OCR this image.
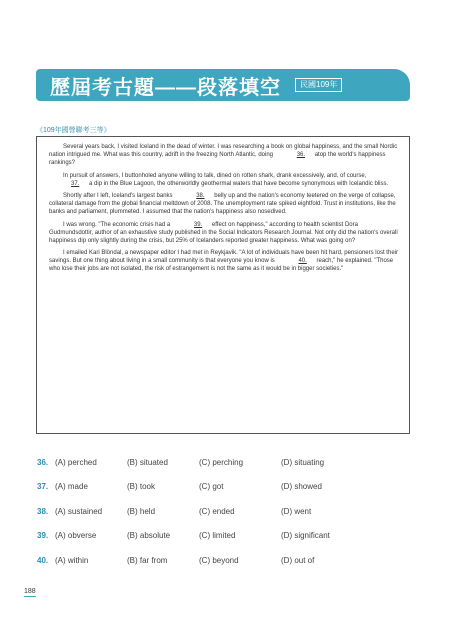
歷屆考古題——段落填空	民國109年
《109年國營聯考三等》

Several years back, I visited Iceland in the dead of winter. I was researching a book on global happiness, and the small Nordic nation intrigued me. What was this country, adrift in the freezing North Atlantic, doing	36. atop the world's happiness rankings?

In pursuit of answers, I buttonholed anyone willing to talk, dined on rotten shark, drank excessively, and, of course, 37. a dip in the Blue Lagoon, the otherworldly geothermal waters that have become synonymous with Icelandic bliss.

Shortly after I left, Iceland's largest banks	38. belly up and the nation's economy teetered on the verge of collapse, collateral damage from the global financial meltdown of 2008. The unemployment rate spiked eightfold. Trust in institutions, like the banks and parliament, plummeted. I assumed that the nation's happiness also nosedived.

I was wrong. "The economic crisis had a	39. effect on happiness," according to health scientist Dora Gudmundsdottir, author of an exhaustive study published in the Social Indicators Research Journal. Not only did the nation's overall happiness dip only slightly during the crisis, but 25% of Icelanders reported greater happiness. What was going on?

I emailed Kari Blöndal, a newspaper editor I had met in Reykjavik. "A lot of individuals have been hit hard, pensioners lost their savings. But one thing about living in a small community is that everyone you know is	40. reach," he explained. "Those who lose their jobs are not isolated, the risk of estrangement is not the same as it would be in bigger societies."

36. (A) perched	(B) situated	(C) perching	(D) situating
37. (A) made	(B) took	(C) got	(D) showed
38. (A) sustained	(B) held	(C) ended	(D) went
39. (A) obverse	(B) absolute	(C) limited	(D) significant
40. (A) within	(B) far from	(C) beyond	(D) out of
188
